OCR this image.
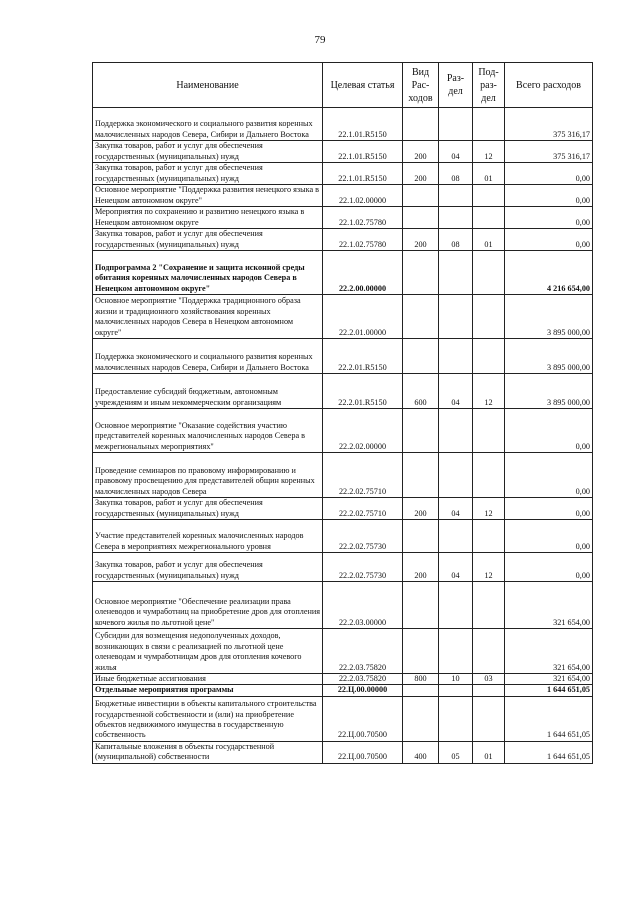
79
Наименование	Целевая статья	Вид Рас-ходов	Раз-дел	Под-раз-дел	Всего расходов
Поддержка экономического и социального развития коренных малочисленных народов Севера, Сибири и Дальнего Востока	22.1.01.R5150				375 316,17
Закупка товаров, работ и услуг для обеспечения государственных (муниципальных) нужд	22.1.01.R5150	200	04	12	375 316,17
Закупка товаров, работ и услуг для обеспечения государственных (муниципальных) нужд	22.1.01.R5150	200	08	01	0,00
Основное мероприятие "Поддержка развития ненецкого языка в Ненецком автономном округе"	22.1.02.00000				0,00
Мероприятия по сохранению и развитию ненецкого языка в Ненецком автономном округе	22.1.02.75780				0,00
Закупка товаров, работ и услуг для обеспечения государственных (муниципальных) нужд	22.1.02.75780	200	08	01	0,00
Подпрограмма 2 "Сохранение и защита исконной среды обитания коренных малочисленных народов Севера в Ненецком автономном округе"	22.2.00.00000				4 216 654,00
Основное мероприятие "Поддержка традиционного образа жизни и традиционного хозяйствования коренных малочисленных народов Севера в Ненецком автономном округе"	22.2.01.00000				3 895 000,00
Поддержка экономического и социального развития коренных малочисленных народов Севера, Сибири и Дальнего Востока	22.2.01.R5150				3 895 000,00
Предоставление субсидий бюджетным, автономным учреждениям и иным некоммерческим организациям	22.2.01.R5150	600	04	12	3 895 000,00
Основное мероприятие "Оказание содействия участию представителей коренных малочисленных народов Севера в межрегиональных мероприятиях"	22.2.02.00000				0,00
Проведение семинаров по правовому информированию и правовому просвещению для представителей общин коренных малочисленных народов Севера	22.2.02.75710				0,00
Закупка товаров, работ и услуг для обеспечения государственных (муниципальных) нужд	22.2.02.75710	200	04	12	0,00
Участие представителей коренных малочисленных народов Севера в мероприятиях межрегионального уровня	22.2.02.75730				0,00
Закупка товаров, работ и услуг для обеспечения государственных (муниципальных) нужд	22.2.02.75730	200	04	12	0,00
Основное мероприятие "Обеспечение реализации права оленеводов и чумработниц на приобретение дров для отопления кочевого жилья по льготной цене"	22.2.03.00000				321 654,00
Субсидии для возмещения недополученных доходов, возникающих в связи с реализацией по льготной цене оленеводам и чумработницам дров для отопления кочевого жилья	22.2.03.75820				321 654,00
Иные бюджетные ассигнования	22.2.03.75820	800	10	03	321 654,00
Отдельные мероприятия программы	22.Ц.00.00000				1 644 651,05
Бюджетные инвестиции в объекты капитального строительства государственной собственности и (или) на приобретение объектов недвижимого имущества в государственную собственность	22.Ц.00.70500				1 644 651,05
Капитальные вложения в объекты государственной (муниципальной) собственности	22.Ц.00.70500	400	05	01	1 644 651,05
